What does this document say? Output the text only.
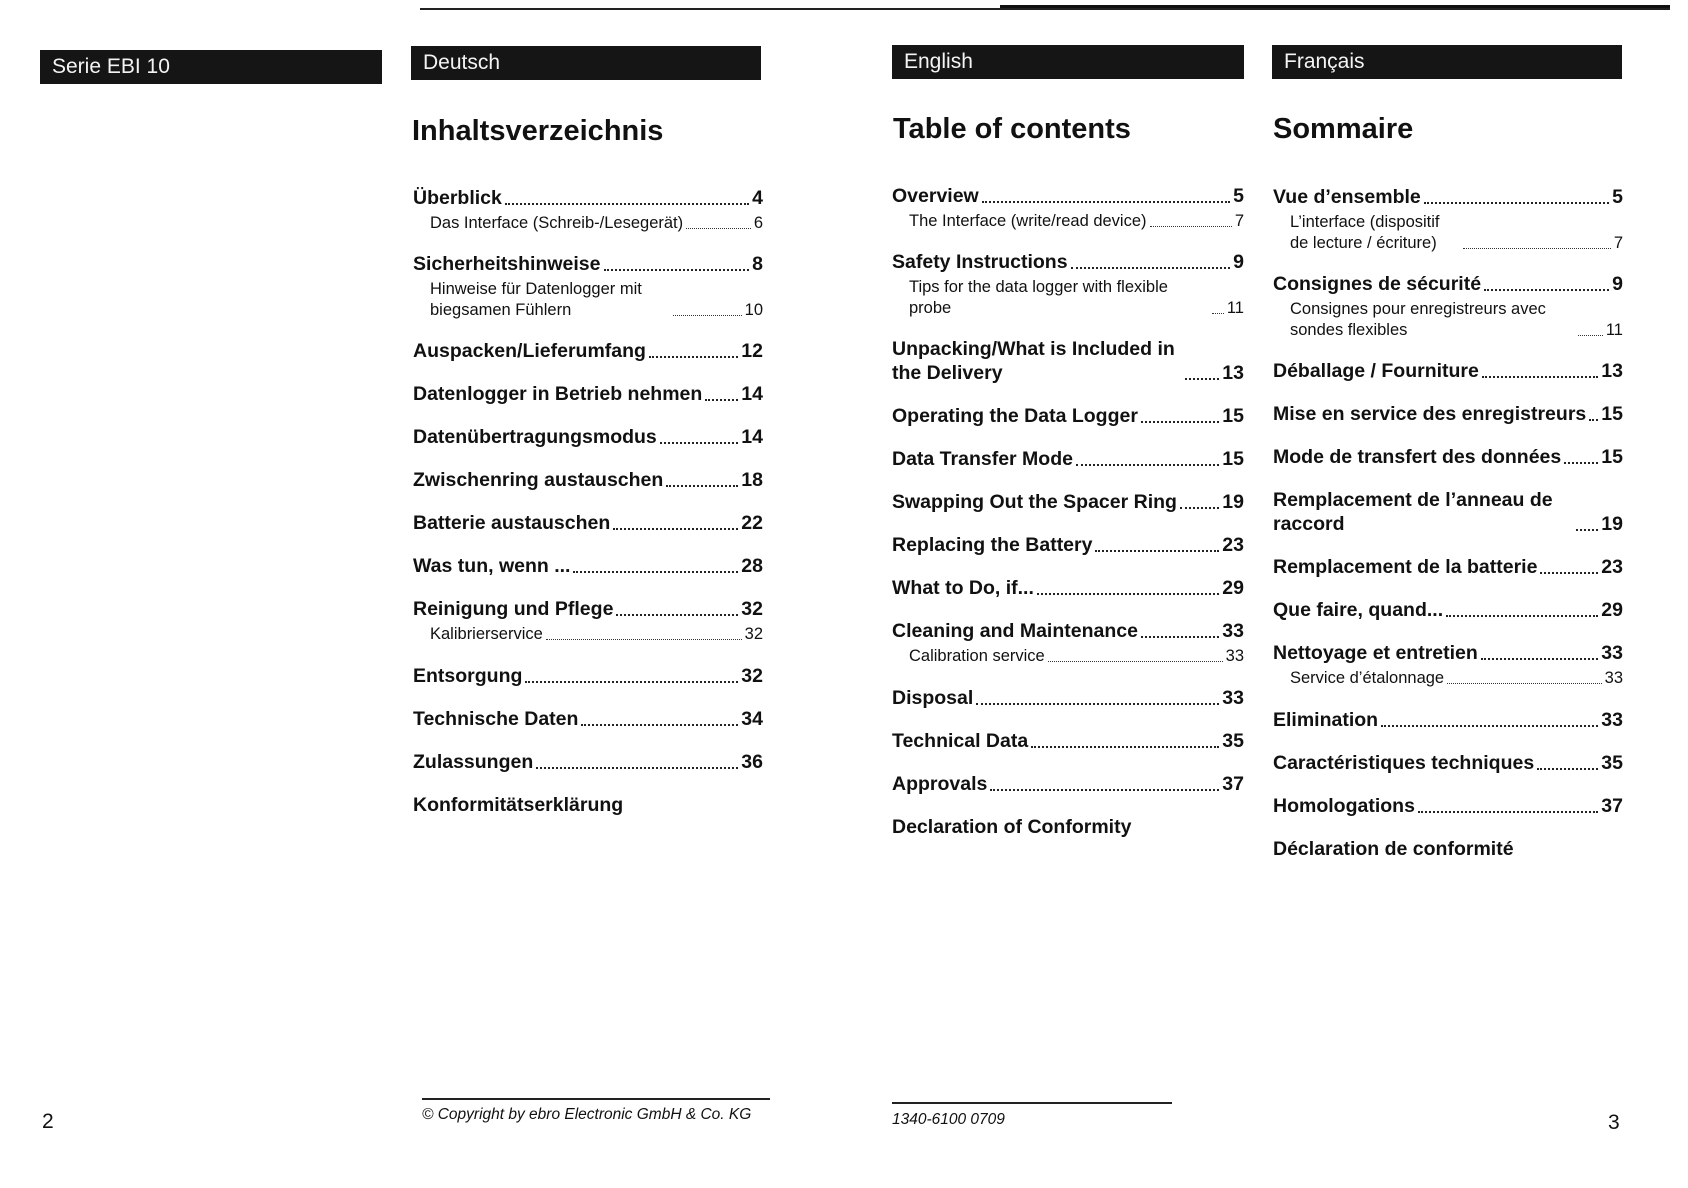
Serie EBI 10	Deutsch
Inhaltsverzeichnis
Überblick	4
Das Interface (Schreib-/Lesegerät)	6
Sicherheitshinweise	8
Hinweise für Datenlogger mit biegsamen Fühlern	10
Auspacken/Lieferumfang	12
Datenlogger in Betrieb nehmen 14
Datenübertragungsmodus	14
Zwischenring austauschen	18
Batterie austauschen	22
Was tun, wenn ...	28
Reinigung und Pflege	32
Kalibrierservice	32
Entsorgung	32
Technische Daten	34
Zulassungen	36
Konformitätserklärung
English
Table of contents
Overview	5
The Interface (write/read device)	7
Safety Instructions	9
Tips for the data logger with flexible probe	11
Unpacking/What is Included in the Delivery	13
Operating the Data Logger	15
Data Transfer Mode	15
Swapping Out the Spacer Ring 19
Replacing the Battery	23
What to Do, if...	29
Cleaning and Maintenance	33
Calibration service	33
Disposal	33
Technical Data	35
Approvals	37
Declaration of Conformity
Français
Sommaire
Vue d’ensemble	5
L’interface (dispositif de lecture / écriture)	7
Consignes de sécurité	9
Consignes pour enregistreurs avec sondes flexibles	11
Déballage / Fourniture	13
Mise en service des enregistreurs 15
Mode de transfert des données 15
Remplacement de l’anneau de raccord	19
Remplacement de la batterie	23
Que faire, quand...	29
Nettoyage et entretien	33
Service d’étalonnage	33
Elimination	33
Caractéristiques techniques	35
Homologations	37
Déclaration de conformité
© Copyright by ebro Electronic GmbH & Co. KG	1340-6100 0709
2	3
